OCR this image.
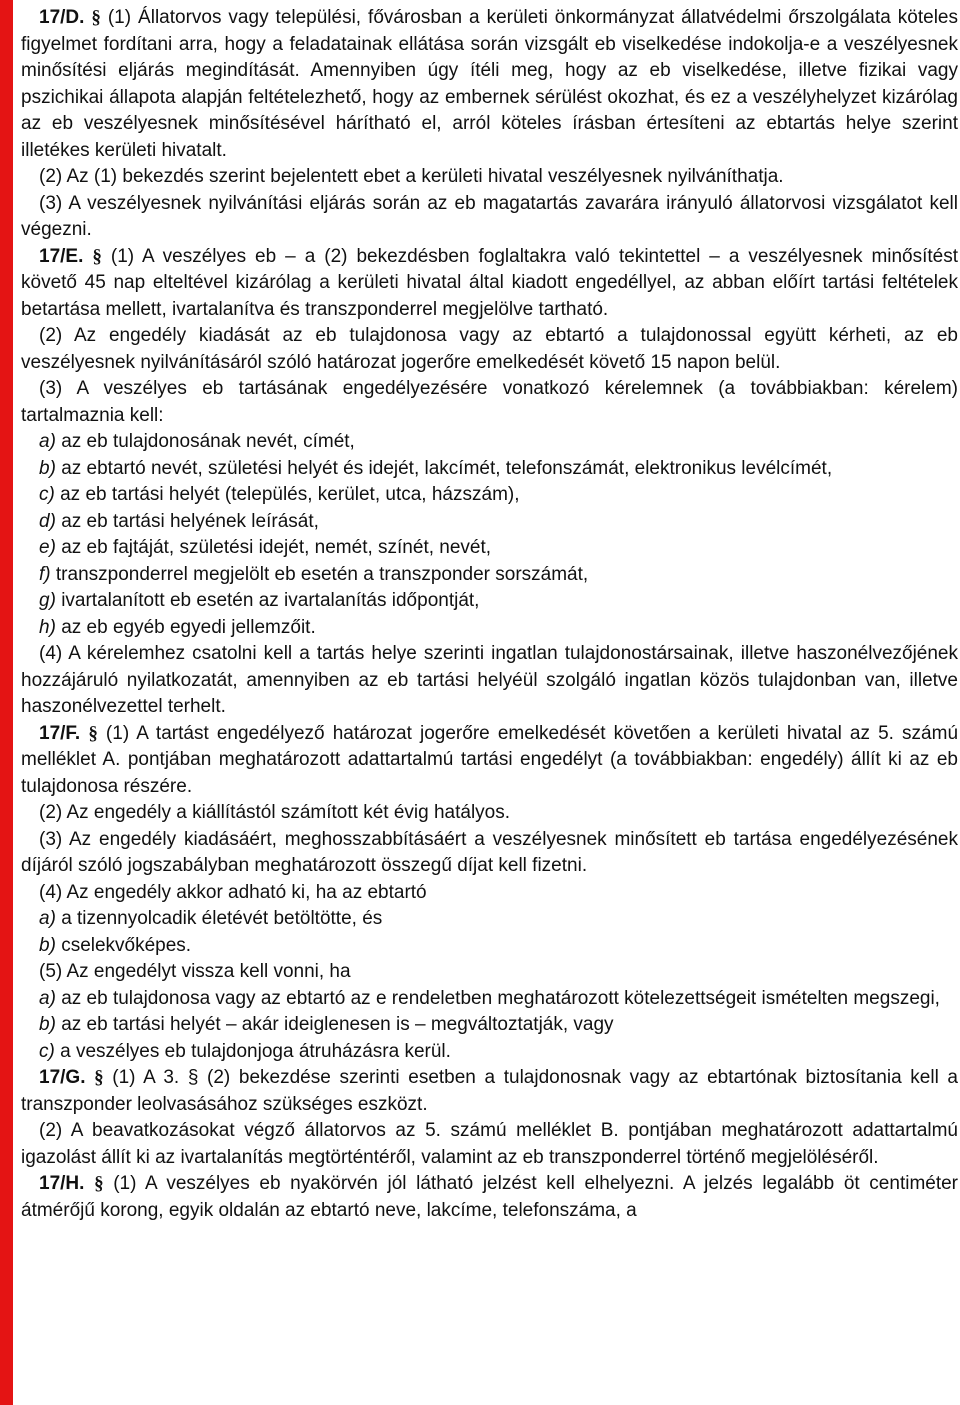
17/D. § (1) Állatorvos vagy települési, fővárosban a kerületi önkormányzat állatvédelmi őrszolgálata köteles figyelmet fordítani arra, hogy a feladatainak ellátása során vizsgált eb viselkedése indokolja-e a veszélyesnek minősítési eljárás megindítását. Amennyiben úgy ítéli meg, hogy az eb viselkedése, illetve fizikai vagy pszichikai állapota alapján feltételezhető, hogy az embernek sérülést okozhat, és ez a veszélyhelyzet kizárólag az eb veszélyesnek minősítésével hárítható el, arról köteles írásban értesíteni az ebtartás helye szerint illetékes kerületi hivatalt.

(2) Az (1) bekezdés szerint bejelentett ebet a kerületi hivatal veszélyesnek nyilváníthatja.

(3) A veszélyesnek nyilvánítási eljárás során az eb magatartás zavarára irányuló állatorvosi vizsgálatot kell végezni.

17/E. § (1) A veszélyes eb – a (2) bekezdésben foglaltakra való tekintettel – a veszélyesnek minősítést követő 45 nap elteltével kizárólag a kerületi hivatal által kiadott engedéllyel, az abban előírt tartási feltételek betartása mellett, ivartalanítva és transzponderrel megjelölve tartható.

(2) Az engedély kiadását az eb tulajdonosa vagy az ebtartó a tulajdonossal együtt kérheti, az eb veszélyesnek nyilvánításáról szóló határozat jogerőre emelkedését követő 15 napon belül.

(3) A veszélyes eb tartásának engedélyezésére vonatkozó kérelemnek (a továbbiakban: kérelem) tartalmaznia kell:

a) az eb tulajdonosának nevét, címét,

b) az ebtartó nevét, születési helyét és idejét, lakcímét, telefonszámát, elektronikus levélcímét,

c) az eb tartási helyét (település, kerület, utca, házszám),

d) az eb tartási helyének leírását,

e) az eb fajtáját, születési idejét, nemét, színét, nevét,

f) transzponderrel megjelölt eb esetén a transzponder sorszámát,

g) ivartalanított eb esetén az ivartalanítás időpontját,

h) az eb egyéb egyedi jellemzőit.

(4) A kérelemhez csatolni kell a tartás helye szerinti ingatlan tulajdonostársainak, illetve haszonélvezőjének hozzájáruló nyilatkozatát, amennyiben az eb tartási helyéül szolgáló ingatlan közös tulajdonban van, illetve haszonélvezettel terhelt.

17/F. § (1) A tartást engedélyező határozat jogerőre emelkedését követően a kerületi hivatal az 5. számú melléklet A. pontjában meghatározott adattartalmú tartási engedélyt (a továbbiakban: engedély) állít ki az eb tulajdonosa részére.

(2) Az engedély a kiállítástól számított két évig hatályos.

(3) Az engedély kiadásáért, meghosszabbításáért a veszélyesnek minősített eb tartása engedélyezésének díjáról szóló jogszabályban meghatározott összegű díjat kell fizetni.

(4) Az engedély akkor adható ki, ha az ebtartó

a) a tizennyolcadik életévét betöltötte, és

b) cselekvőképes.

(5) Az engedélyt vissza kell vonni, ha

a) az eb tulajdonosa vagy az ebtartó az e rendeletben meghatározott kötelezettségeit ismételten megszegi,

b) az eb tartási helyét – akár ideiglenesen is – megváltoztatják, vagy

c) a veszélyes eb tulajdonjoga átruházásra kerül.

17/G. § (1) A 3. § (2) bekezdése szerinti esetben a tulajdonosnak vagy az ebtartónak biztosítania kell a transzponder leolvasásához szükséges eszközt.

(2) A beavatkozásokat végző állatorvos az 5. számú melléklet B. pontjában meghatározott adattartalmú igazolást állít ki az ivartalanítás megtörténtéről, valamint az eb transzponderrel történő megjelöléséről.

17/H. § (1) A veszélyes eb nyakörvén jól látható jelzést kell elhelyezni. A jelzés legalább öt centiméter átmérőjű korong, egyik oldalán az ebtartó neve, lakcíme, telefonszáma, a
